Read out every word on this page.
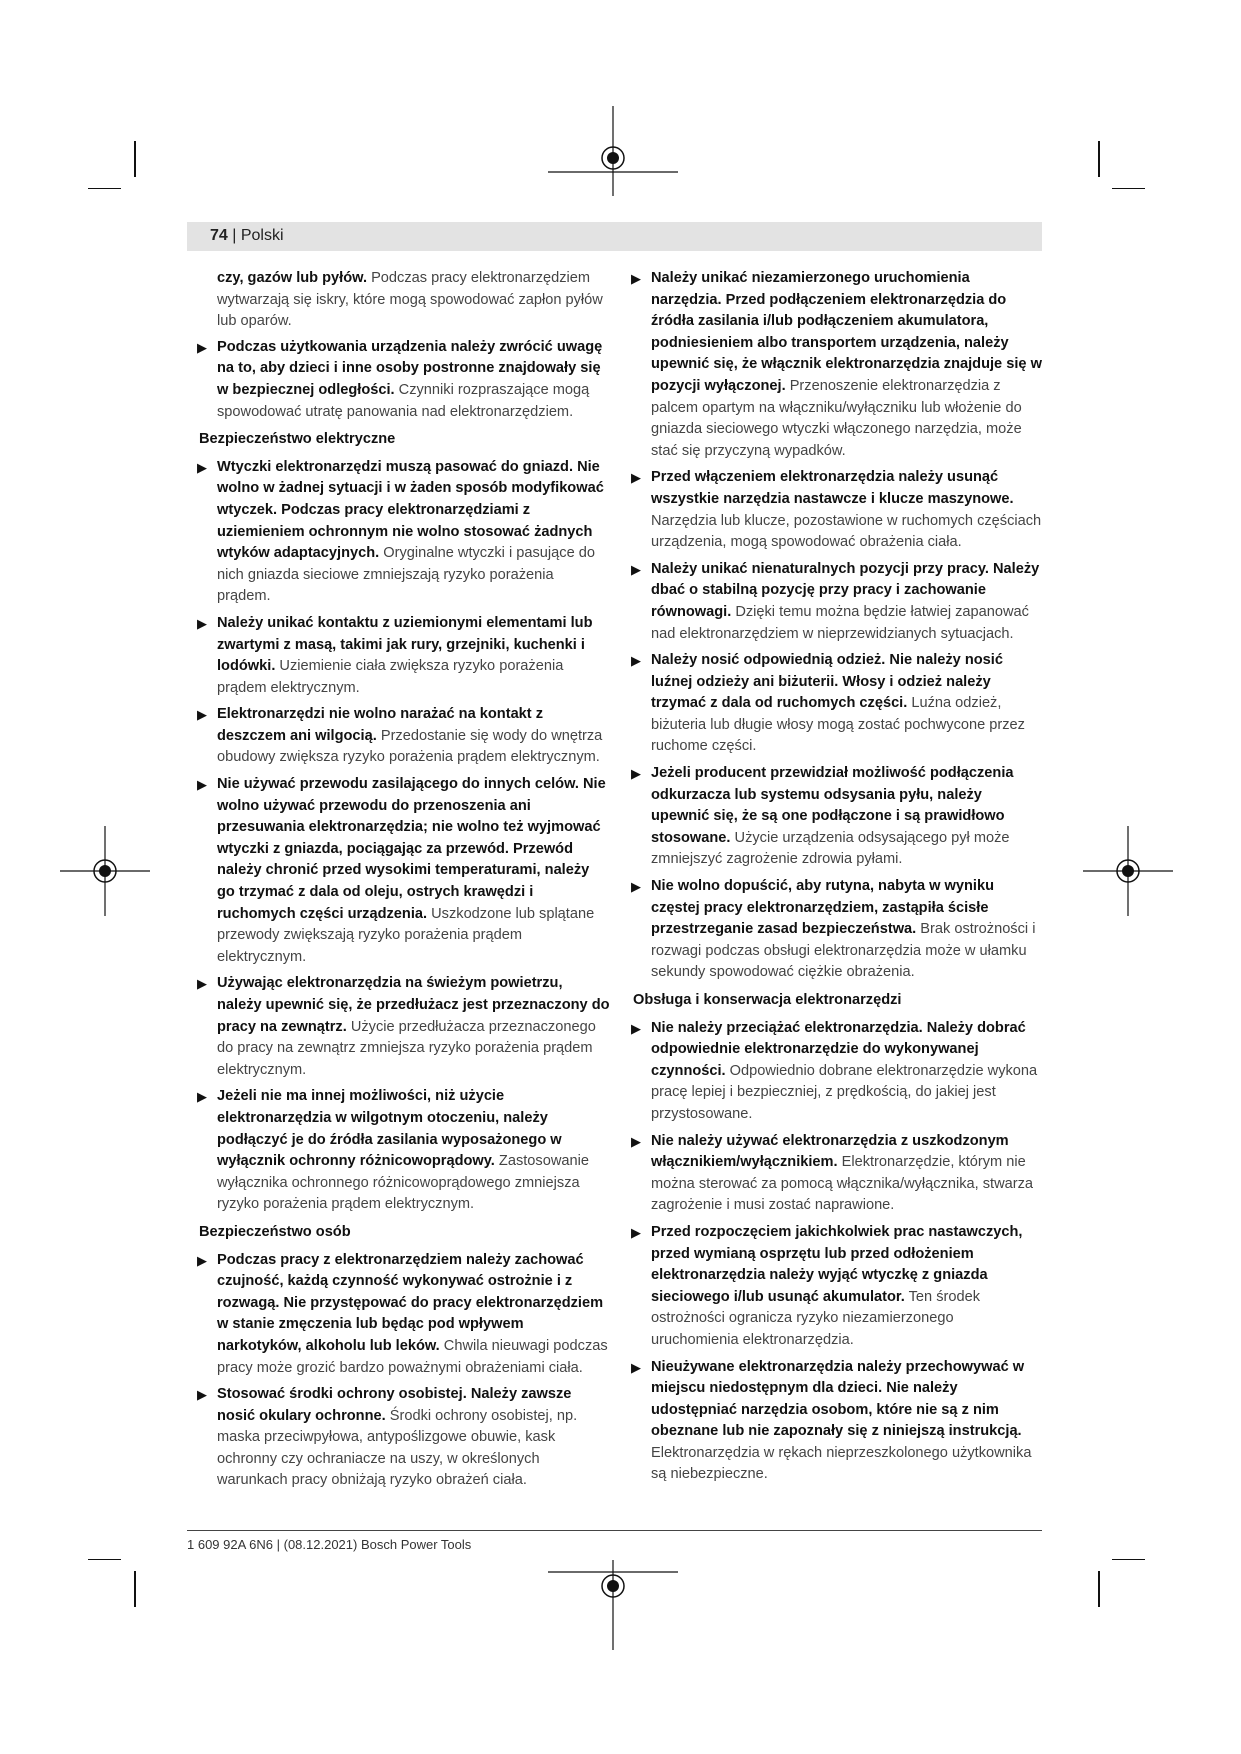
74 | Polski

czy, gazów lub pyłów. Podczas pracy elektronarzędziem wytwarzają się iskry, które mogą spowodować zapłon pyłów lub oparów.

▶ Podczas użytkowania urządzenia należy zwrócić uwagę na to, aby dzieci i inne osoby postronne znajdowały się w bezpiecznej odległości. Czynniki rozpraszające mogą spowodować utratę panowania nad elektronarzędziem.
Bezpieczeństwo elektryczne
▶ Wtyczki elektronarzędzi muszą pasować do gniazd. Nie wolno w żadnej sytuacji i w żaden sposób modyfikować wtyczek. Podczas pracy elektronarzędziami z uziemieniem ochronnym nie wolno stosować żadnych wtyków adaptacyjnych. Oryginalne wtyczki i pasujące do nich gniazda sieciowe zmniejszają ryzyko porażenia prądem.
▶ Należy unikać kontaktu z uziemionymi elementami lub zwartymi z masą, takimi jak rury, grzejniki, kuchenki i lodówki. Uziemienie ciała zwiększa ryzyko porażenia prądem elektrycznym.
▶ Elektronarzędzi nie wolno narażać na kontakt z deszczem ani wilgocią. Przedostanie się wody do wnętrza obudowy zwiększa ryzyko porażenia prądem elektrycznym.
▶ Nie używać przewodu zasilającego do innych celów. Nie wolno używać przewodu do przenoszenia ani przesuwania elektronarzędzia; nie wolno też wyjmować wtyczki z gniazda, pociągając za przewód. Przewód należy chronić przed wysokimi temperaturami, należy go trzymać z dala od oleju, ostrych krawędzi i ruchomych części urządzenia. Uszkodzone lub splątane przewody zwiększają ryzyko porażenia prądem elektrycznym.
▶ Używając elektronarzędzia na świeżym powietrzu, należy upewnić się, że przedłużacz jest przeznaczony do pracy na zewnątrz. Użycie przedłużacza przeznaczonego do pracy na zewnątrz zmniejsza ryzyko porażenia prądem elektrycznym.
▶ Jeżeli nie ma innej możliwości, niż użycie elektronarzędzia w wilgotnym otoczeniu, należy podłączyć je do źródła zasilania wyposażonego w wyłącznik ochronny różnicowoprądowy. Zastosowanie wyłącznika ochronnego różnicowoprądowego zmniejsza ryzyko porażenia prądem elektrycznym.
Bezpieczeństwo osób
▶ Podczas pracy z elektronarzędziem należy zachować czujność, każdą czynność wykonywać ostrożnie i z rozwagą. Nie przystępować do pracy elektronarzędziem w stanie zmęczenia lub będąc pod wpływem narkotyków, alkoholu lub leków. Chwila nieuwagi podczas pracy może grozić bardzo poważnymi obrażeniami ciała.
▶ Stosować środki ochrony osobistej. Należy zawsze nosić okulary ochronne. Środki ochrony osobistej, np. maska przeciwpyłowa, antypoślizgowe obuwie, kask ochronny czy ochraniacze na uszy, w określonych warunkach pracy obniżają ryzyko obrażeń ciała.
▶ Należy unikać niezamierzonego uruchomienia narzędzia. Przed podłączeniem elektronarzędzia do źródła zasilania i/lub podłączeniem akumulatora, podniesieniem albo transportem urządzenia, należy upewnić się, że włącznik elektronarzędzia znajduje się w pozycji wyłączonej. Przenoszenie elektronarzędzia z palcem opartym na włączniku/wyłączniku lub włożenie do gniazda sieciowego wtyczki włączonego narzędzia, może stać się przyczyną wypadków.
▶ Przed włączeniem elektronarzędzia należy usunąć wszystkie narzędzia nastawcze i klucze maszynowe. Narzędzia lub klucze, pozostawione w ruchomych częściach urządzenia, mogą spowodować obrażenia ciała.
▶ Należy unikać nienaturalnych pozycji przy pracy. Należy dbać o stabilną pozycję przy pracy i zachowanie równowagi. Dzięki temu można będzie łatwiej zapanować nad elektronarzędziem w nieprzewidzianych sytuacjach.
▶ Należy nosić odpowiednią odzież. Nie należy nosić luźnej odzieży ani biżuterii. Włosy i odzież należy trzymać z dala od ruchomych części. Luźna odzież, biżuteria lub długie włosy mogą zostać pochwycone przez ruchome części.
▶ Jeżeli producent przewidział możliwość podłączenia odkurzacza lub systemu odsysania pyłu, należy upewnić się, że są one podłączone i są prawidłowo stosowane. Użycie urządzenia odsysającego pył może zmniejszyć zagrożenie zdrowia pyłami.
▶ Nie wolno dopuścić, aby rutyna, nabyta w wyniku częstej pracy elektronarzędziem, zastąpiła ścisłe przestrzeganie zasad bezpieczeństwa. Brak ostrożności i rozwagi podczas obsługi elektronarzędzia może w ułamku sekundy spowodować ciężkie obrażenia.
Obsługa i konserwacja elektronarzędzi
▶ Nie należy przeciążać elektronarzędzia. Należy dobrać odpowiednie elektronarzędzie do wykonywanej czynności. Odpowiednio dobrane elektronarzędzie wykona pracę lepiej i bezpieczniej, z prędkością, do jakiej jest przystosowane.
▶ Nie należy używać elektronarzędzia z uszkodzonym włącznikiem/wyłącznikiem. Elektronarzędzie, którym nie można sterować za pomocą włącznika/wyłącznika, stwarza zagrożenie i musi zostać naprawione.
▶ Przed rozpoczęciem jakichkolwiek prac nastawczych, przed wymianą osprzętu lub przed odłożeniem elektronarzędzia należy wyjąć wtyczkę z gniazda sieciowego i/lub usunąć akumulator. Ten środek ostrożności ogranicza ryzyko niezamierzonego uruchomienia elektronarzędzia.
▶ Nieużywane elektronarzędzia należy przechowywać w miejscu niedostępnym dla dzieci. Nie należy udostępniać narzędzia osobom, które nie są z nim obeznane lub nie zapoznały się z niniejszą instrukcją. Elektronarzędzia w rękach nieprzeszkolonego użytkownika są niebezpieczne.
1 609 92A 6N6 | (08.12.2021) Bosch Power Tools
